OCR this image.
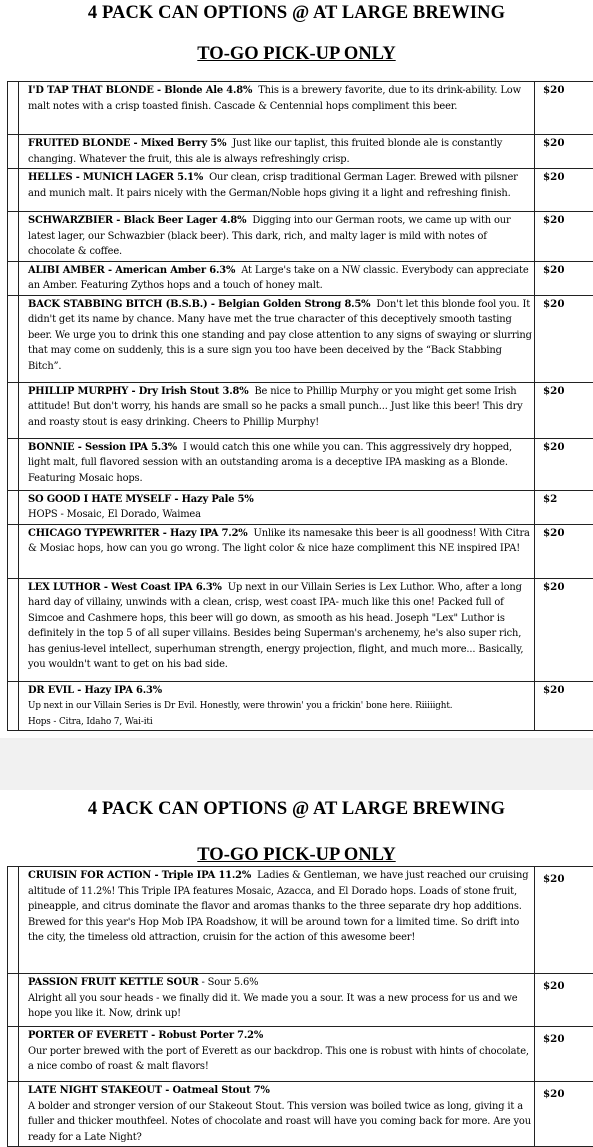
4 PACK CAN OPTIONS @ AT LARGE BREWING
TO-GO PICK-UP ONLY

	I'D TAP THAT BLONDE - Blonde Ale 4.8% This is a brewery favorite, due to its drink-ability. Low malt notes with a crisp toasted finish. Cascade & Centennial hops compliment this beer.	$20

	FRUITED BLONDE - Mixed Berry 5% Just like our taplist, this fruited blonde ale is constantly changing. Whatever the fruit, this ale is always refreshingly crisp.	$20

	HELLES - MUNICH LAGER 5.1% Our clean, crisp traditional German Lager. Brewed with pilsner and munich malt. It pairs nicely with the German/Noble hops giving it a light and refreshing finish.	$20

	SCHWARZBIER - Black Beer Lager 4.8% Digging into our German roots, we came up with our latest lager, our Schwazbier (black beer). This dark, rich, and malty lager is mild with notes of chocolate & coffee.	$20

	ALIBI AMBER - American Amber 6.3% At Large's take on a NW classic. Everybody can appreciate an Amber. Featuring Zythos hops and a touch of honey malt.	$20

	BACK STABBING BITCH (B.S.B.) - Belgian Golden Strong 8.5% Don't let this blonde fool you. It didn't get its name by chance. Many have met the true character of this deceptively smooth tasting beer. We urge you to drink this one standing and pay close attention to any signs of swaying or slurring that may come on suddenly, this is a sure sign you too have been deceived by the “Back Stabbing Bitch”.	$20

	PHILLIP MURPHY - Dry Irish Stout 3.8% Be nice to Phillip Murphy or you might get some Irish attitude! But don't worry, his hands are small so he packs a small punch... Just like this beer! This dry and roasty stout is easy drinking. Cheers to Phillip Murphy!	$20

	BONNIE - Session IPA 5.3% I would catch this one while you can. This aggressively dry hopped, light malt, full flavored session with an outstanding aroma is a deceptive IPA masking as a Blonde. Featuring Mosaic hops.	$20

	SO GOOD I HATE MYSELF - Hazy Pale 5%
HOPS - Mosaic, El Dorado, Waimea	$2

	CHICAGO TYPEWRITER - Hazy IPA 7.2% Unlike its namesake this beer is all goodness! With Citra & Mosiac hops, how can you go wrong. The light color & nice haze compliment this NE inspired IPA!	$20

	LEX LUTHOR - West Coast IPA 6.3% Up next in our Villain Series is Lex Luthor. Who, after a long hard day of villainy, unwinds with a clean, crisp, west coast IPA- much like this one! Packed full of Simcoe and Cashmere hops, this beer will go down, as smooth as his head. Joseph "Lex" Luthor is definitely in the top 5 of all super villains. Besides being Superman's archenemy, he's also super rich, has genius-level intellect, superhuman strength, energy projection, flight, and much more... Basically, you wouldn't want to get on his bad side.	$20

	DR EVIL - Hazy IPA 6.3%
Up next in our Villain Series is Dr Evil. Honestly, were throwin' you a frickin' bone here. Riiiiight.
Hops - Citra, Idaho 7, Wai-iti	$20
4 PACK CAN OPTIONS @ AT LARGE BREWING
TO-GO PICK-UP ONLY

	CRUISIN FOR ACTION - Triple IPA 11.2% Ladies & Gentleman, we have just reached our cruising altitude of 11.2%! This Triple IPA features Mosaic, Azacca, and El Dorado hops. Loads of stone fruit, pineapple, and citrus dominate the flavor and aromas thanks to the three separate dry hop additions. Brewed for this year's Hop Mob IPA Roadshow, it will be around town for a limited time. So drift into the city, the timeless old attraction, cruisin for the action of this awesome beer!	$20

	PASSION FRUIT KETTLE SOUR - Sour 5.6%
Alright all you sour heads - we finally did it. We made you a sour. It was a new process for us and we hope you like it. Now, drink up!	$20

	PORTER OF EVERETT - Robust Porter 7.2%
Our porter brewed with the port of Everett as our backdrop. This one is robust with hints of chocolate, a nice combo of roast & malt flavors!	$20

	LATE NIGHT STAKEOUT - Oatmeal Stout 7%
A bolder and stronger version of our Stakeout Stout. This version was boiled twice as long, giving it a fuller and thicker mouthfeel. Notes of chocolate and roast will have you coming back for more. Are you ready for a Late Night?	$20
